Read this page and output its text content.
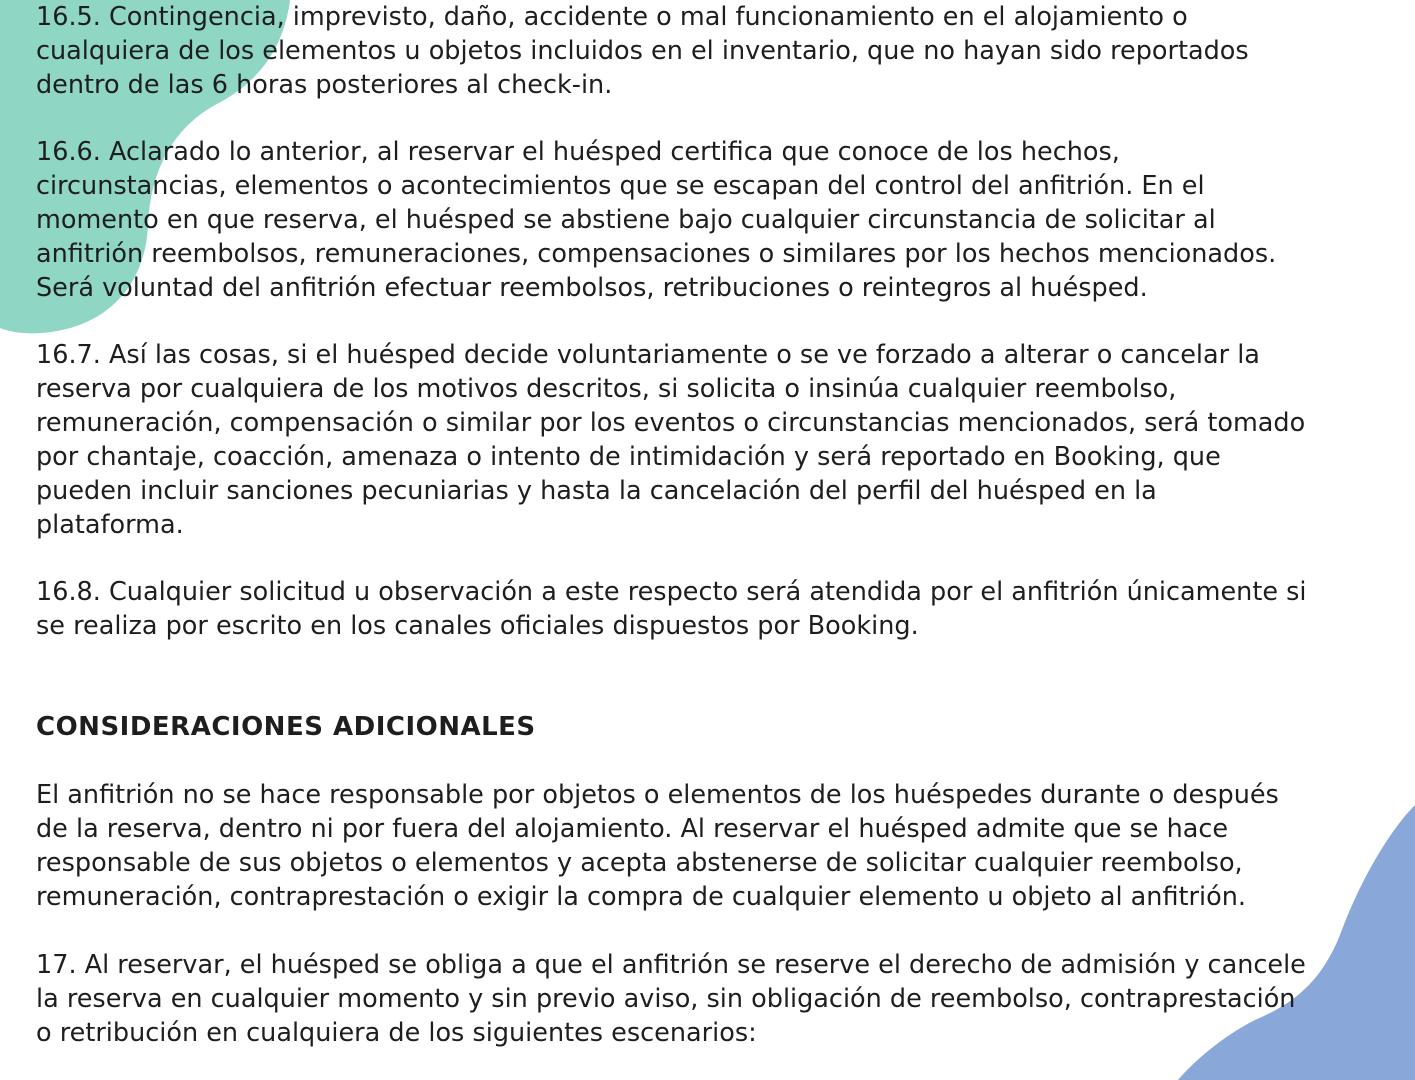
16.5. Contingencia, imprevisto, daño, accidente o mal funcionamiento en el alojamiento o
cualquiera de los elementos u objetos incluidos en el inventario, que no hayan sido reportados
dentro de las 6 horas posteriores al check-in.

16.6. Aclarado lo anterior, al reservar el huésped certifica que conoce de los hechos,
circunstancias, elementos o acontecimientos que se escapan del control del anfitrión. En el
momento en que reserva, el huésped se abstiene bajo cualquier circunstancia de solicitar al
anfitrión reembolsos, remuneraciones, compensaciones o similares por los hechos mencionados.
Será voluntad del anfitrión efectuar reembolsos, retribuciones o reintegros al huésped.

16.7. Así las cosas, si el huésped decide voluntariamente o se ve forzado a alterar o cancelar la
reserva por cualquiera de los motivos descritos, si solicita o insinúa cualquier reembolso,
remuneración, compensación o similar por los eventos o circunstancias mencionados, será tomado
por chantaje, coacción, amenaza o intento de intimidación y será reportado en Booking, que
pueden incluir sanciones pecuniarias y hasta la cancelación del perfil del huésped en la
plataforma.

16.8. Cualquier solicitud u observación a este respecto será atendida por el anfitrión únicamente si
se realiza por escrito en los canales oficiales dispuestos por Booking.

CONSIDERACIONES ADICIONALES

El anfitrión no se hace responsable por objetos o elementos de los huéspedes durante o después
de la reserva, dentro ni por fuera del alojamiento. Al reservar el huésped admite que se hace
responsable de sus objetos o elementos y acepta abstenerse de solicitar cualquier reembolso,
remuneración, contraprestación o exigir la compra de cualquier elemento u objeto al anfitrión.

17. Al reservar, el huésped se obliga a que el anfitrión se reserve el derecho de admisión y cancele
la reserva en cualquier momento y sin previo aviso, sin obligación de reembolso, contraprestación
o retribución en cualquiera de los siguientes escenarios:
